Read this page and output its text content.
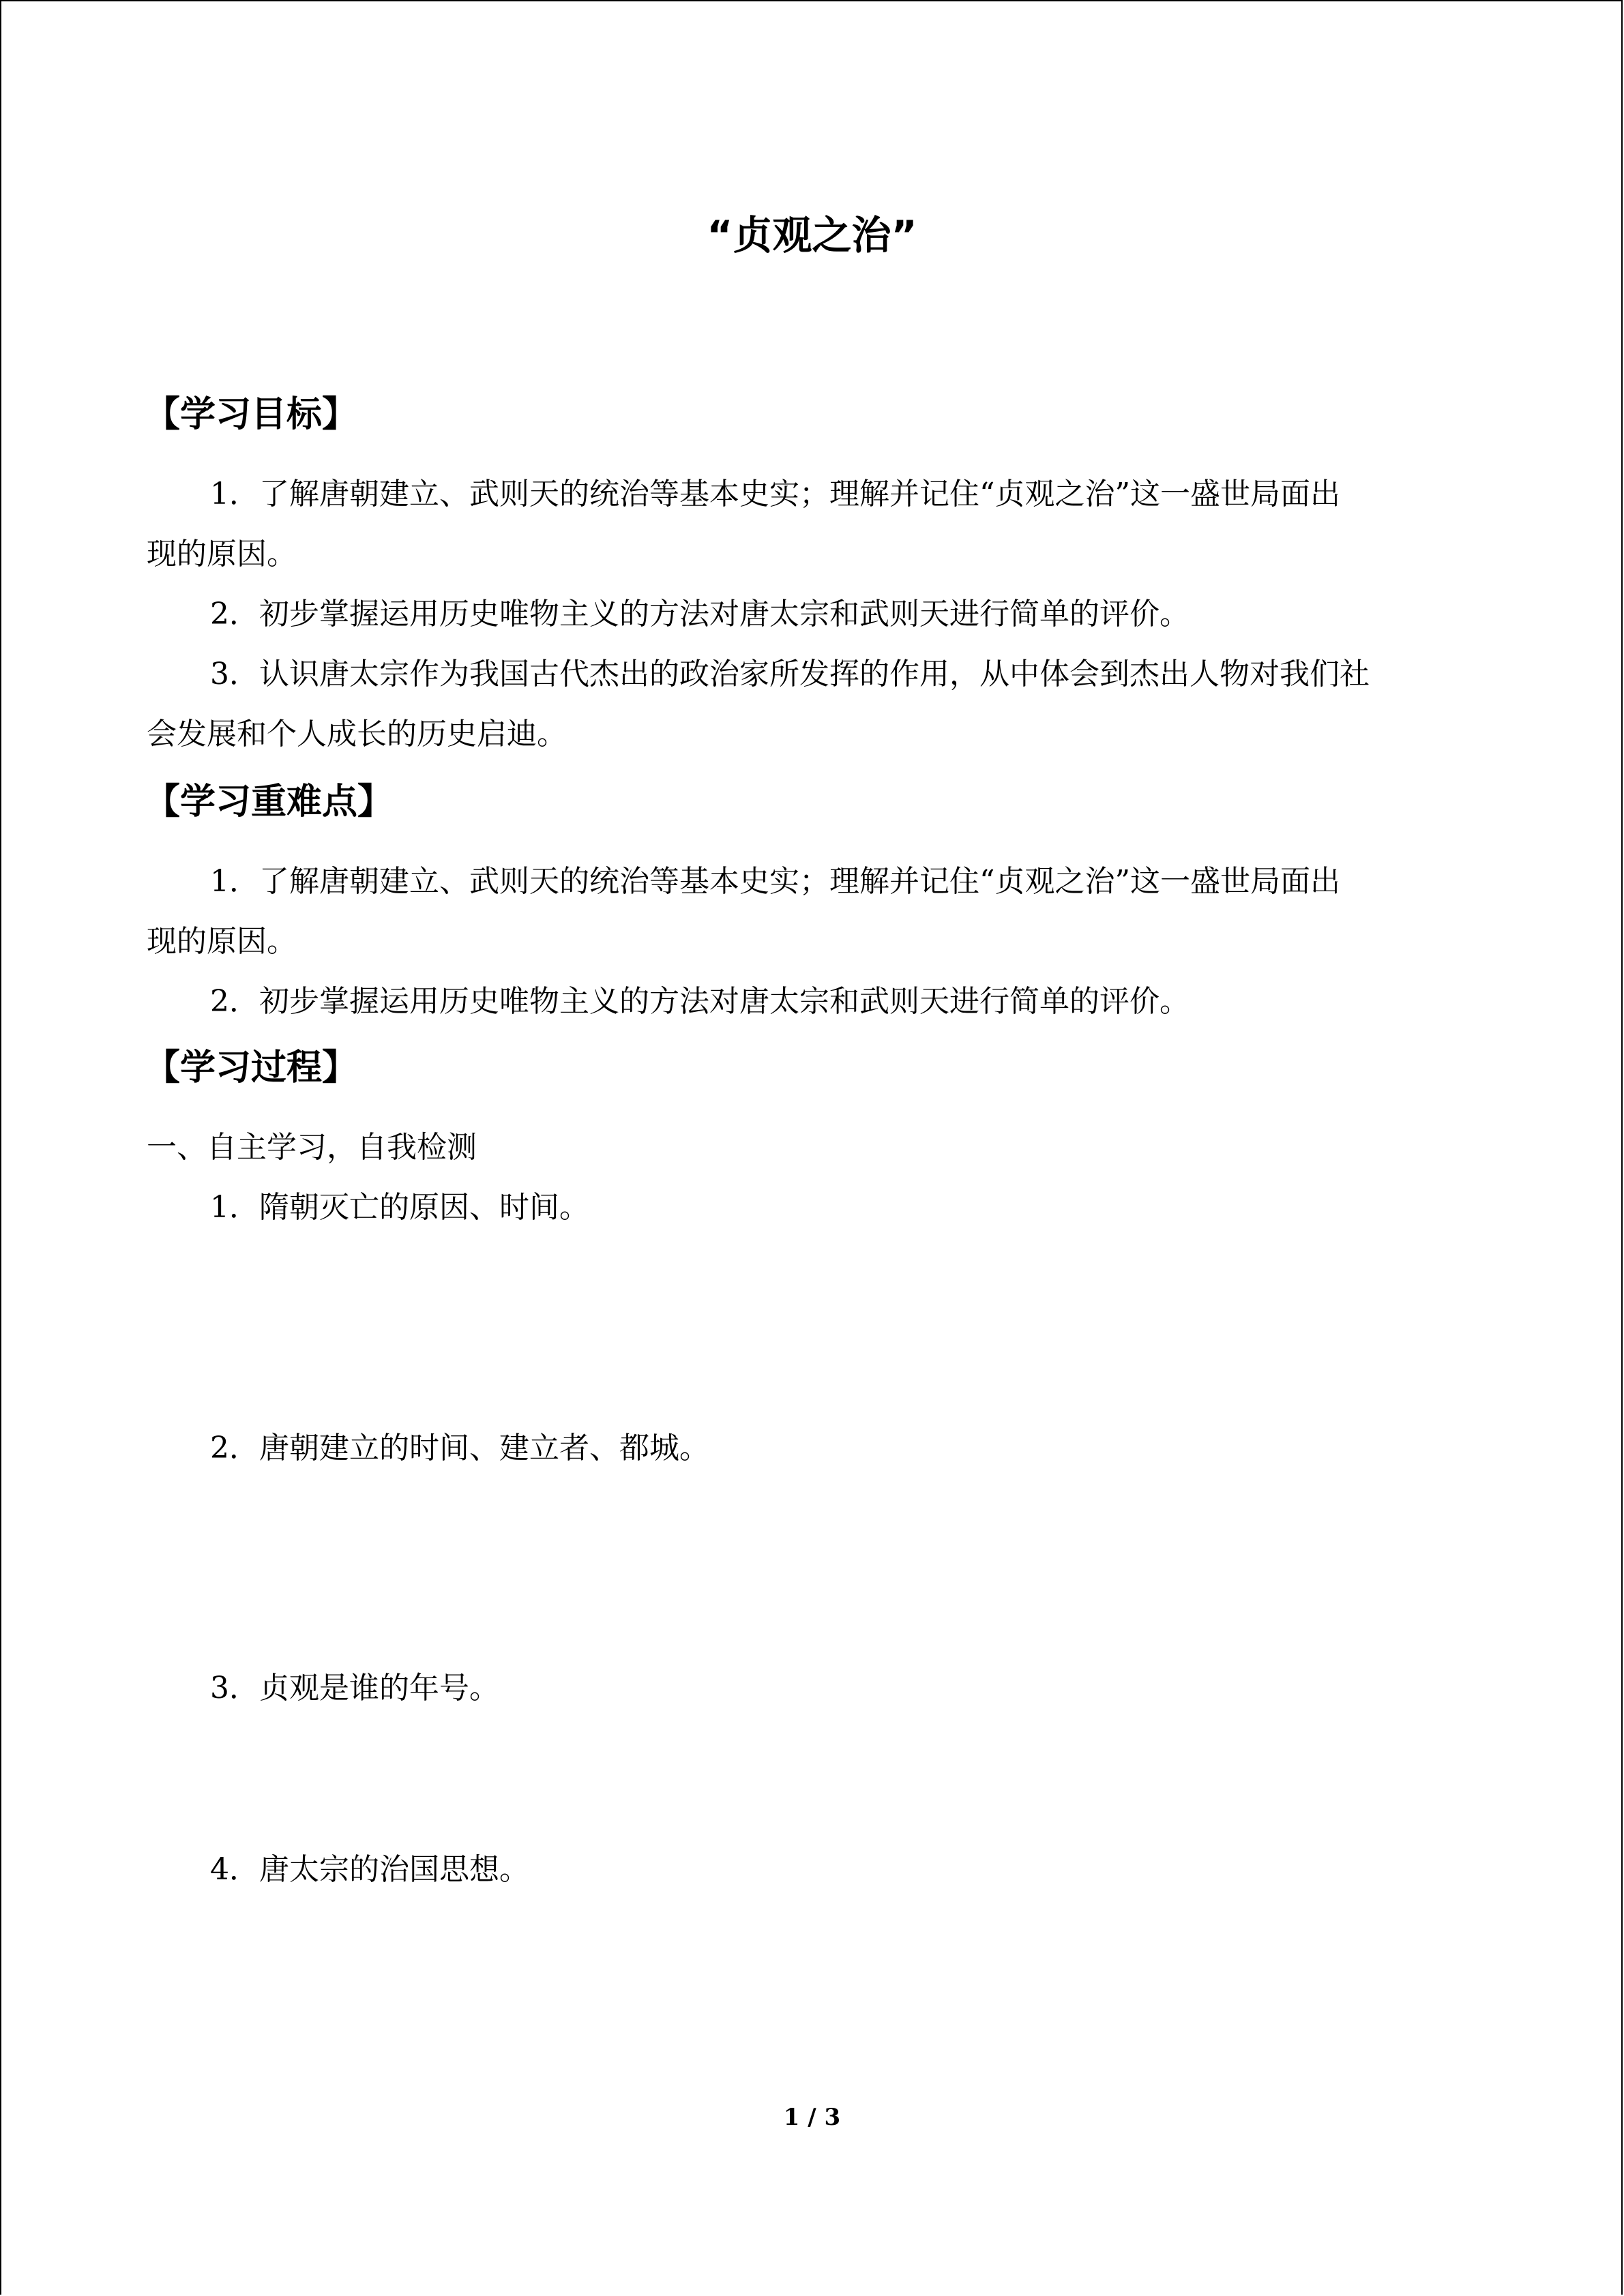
“贞观之治”
【学习目标】
1．了解唐朝建立、武则天的统治等基本史实；理解并记住“贞观之治”这一盛世局面出
现的原因。
2．初步掌握运用历史唯物主义的方法对唐太宗和武则天进行简单的评价。
3．认识唐太宗作为我国古代杰出的政治家所发挥的作用，从中体会到杰出人物对我们社
会发展和个人成长的历史启迪。
【学习重难点】
1．了解唐朝建立、武则天的统治等基本史实；理解并记住“贞观之治”这一盛世局面出
现的原因。
2．初步掌握运用历史唯物主义的方法对唐太宗和武则天进行简单的评价。
【学习过程】
一、自主学习，自我检测
1．隋朝灭亡的原因、时间。
2．唐朝建立的时间、建立者、都城。
3．贞观是谁的年号。
4．唐太宗的治国思想。
1 / 3
